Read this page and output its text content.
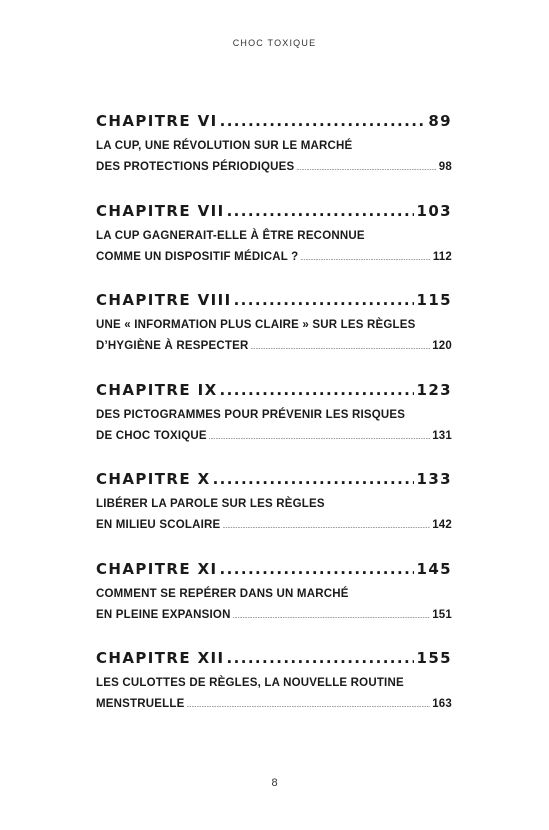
CHOC TOXIQUE
CHAPITRE VI .....	89
LA CUP, UNE RÉVOLUTION SUR LE MARCHÉ
DES PROTECTIONS PÉRIODIQUES .....	98
CHAPITRE VII .....	103
LA CUP GAGNERAIT-ELLE À ÊTRE RECONNUE
COMME UN DISPOSITIF MÉDICAL ? .....	112
CHAPITRE VIII .....	115
UNE « INFORMATION PLUS CLAIRE » SUR LES RÈGLES
D’HYGIÈNE À RESPECTER .....	120
CHAPITRE IX .....	123
DES PICTOGRAMMES POUR PRÉVENIR LES RISQUES
DE CHOC TOXIQUE .....	131
CHAPITRE X .....	133
LIBÉRER LA PAROLE SUR LES RÈGLES
EN MILIEU SCOLAIRE .....	142
CHAPITRE XI .....	145
COMMENT SE REPÉRER DANS UN MARCHÉ
EN PLEINE EXPANSION .....	151
CHAPITRE XII .....	155
LES CULOTTES DE RÈGLES, LA NOUVELLE ROUTINE
MENSTRUELLE .....	163
8
